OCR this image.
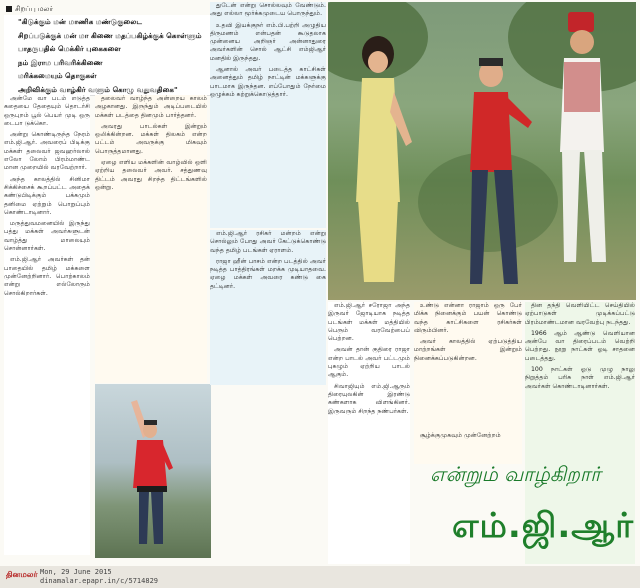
சிறப்பு மலர்

"கிடுக்கும் மன் மாணிக மண்டுகுலைட

சிறப்படுக்குக் மன் மா கிணை மதப்பகிழ்க்குக் கொள்ளும்

பாதருபதில் மெக்கிர் புகைகளை

நம் இராம பரிவரிக்கிணை

மரிக்கமையும் தொகுகள்

அறிவிக்கும் வாழ்கிர் வளும் கொழு வதுவதிகை"

அன்மே வா படம் எடுத்த கதையை தேதையும் தொடர்சி ஒருபுறம் பூல் பெயர் முடி ஒரு டைபா டுக்கொ.

அன்று கொண்டிருந்த நேரம் எம்.ஜி.ஆர். அவரைப் பிடிக்கு மக்கள் தலைவர் ஜவஹர்லால் எலோ லோம் பிரம்மாண்ட மான முறையில் வரவேற்றார்.

அந்த காலத்தில் சினிமா சிக்கிச்சைக் கூறப்பட்ட அதைக் கண்டுபிடிக்கும் பக்கமும் தனிமை ஏற்றும் பொறுப்பும் கொண்டாடினார்.

மருத்துவமனையில் இருந்து பத்து மக்கள் அவர்களுடன் வாழ்த்து மாலையும் சொன்னார்கள்.

எம்.ஜி.ஆர் அவர்கள் தன் பாதையில் தமிழ் மக்களை முன்னேற்றினார். பொற்காலம் என்று எல்லோரும் சொல்கிறார்கள்.

தலைவர் வாழ்ந்த அன்றைய காலம் அழகானது. இருந்தும் அடிப்படையில் மக்கள் படத்தை தினமும் பார்த்தனர்.

அவரது பாடல்கள் இன்றும் ஒலிக்கின்றன. மக்கள் திலகம் என்ற பட்டம் அவருக்கு மிகவும் பொருத்தமானது.

ஏழை எளிய மக்களின் வாழ்வில் ஒளி ஏற்றிய தலைவர் அவர். சத்துணவு திட்டம் அவரது சிறந்த திட்டங்களில் ஒன்று.

துடேன் என்று சொல்லவும் வேண்டும். அது எல்லா மூர்க்கமுடைய பொருந்தும்.

உதவி இயக்குநர் எம்.பி.பற்றி அழுதிய திருமணம் என்பதன் கூடுதலாக முன்னைய அறிஞர் அன்னாதுரை அவர்களின் சொல் ஆட்சி எம்ஜிஆர் மனதில் இருந்தது.

ஆனால் அவர் படைத்த காட்சிகள் அனைத்தும் தமிழ் நாட்டின் மக்களுக்கு பாடமாக இருந்தன. எப்போதும் நேர்மை ஒழுக்கம் கற்றுக்கொடுத்தார்.

எம்.ஜி.ஆர் ரசிகர் மன்றம் என்று சொல்லும் போது அவர் கேட்டுக்கொண்டு வந்த தமிழ் படங்கள் ஏராளம்.

ராஜா ஹீன் பாசம் என்ற படத்தில் அவர் நடித்த பாத்திரங்கள் மறக்க முடியாதவை. ஏழை மக்கள் அவரை கண்டு கை தட்டினர்.

எம்.ஜி.ஆர் சரோஜா அந்த இருவர் ஜோடியாக நடித்த படங்கள் மக்கள் மத்தியில் பெரும் வரவேற்பைப் பெற்றன.

அவன் தான் குதிரை ராஜா என்ற பாடல் அவர் பட்டமும் புகழும் ஏற்றிய பாடல் ஆகும்.

சிவாஜியும் எம்.ஜி.ஆரும் திரையுலகின் இரண்டு கண்களாக விளங்கினர். இருவரும் சிறந்த நண்பர்கள்.

உண்டு என்னா ராஜாம் ஒரு பேர் மிக்க நினைக்கும் பயன் கொண்டு வந்த காட்சிகளை ரசிகர்கள் விரும்பினர்.

அவர் காலத்தில் ஏற்படுத்திய மாற்றங்கள் இன்றும் நினைக்கப்படுகின்றன.

சூழ்க்குமுகவும் முன்னேற்றம்

தின தந்தி வெளியிட்ட செய்தியில் ஏற்பாடுகள் முடிக்கப்பட்டு பிரம்மாண்டமான வரவேற்பு நடந்தது.

1966 ஆம் ஆண்டு வெளியான அன்பே வா திரைப்படம் வெற்றி பெற்றது. நூறு நாட்கள் ஓடி சாதனை படைத்தது.

100 நாட்கள் ஓடு முழு நாலு நிறுத்தம் பரிசு நாள் எம்.ஜி.ஆர் அவர்கள் கொண்டாடினார்கள்.

என்றும் வாழ்கிறார்
எம்.ஜி.ஆர்
தினமலர் Mon, 29 June 2015
dinamalar.epapr.in/c/5714829
